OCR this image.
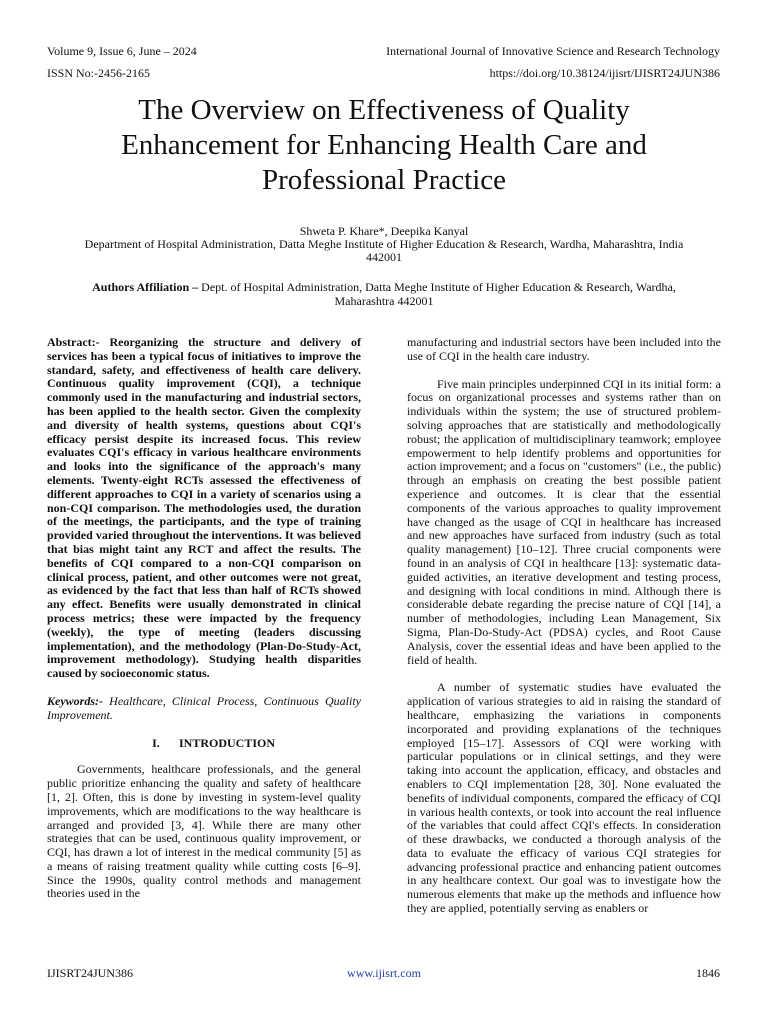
Volume 9, Issue 6, June – 2024
ISSN No:-2456-2165
International Journal of Innovative Science and Research Technology
https://doi.org/10.38124/ijisrt/IJISRT24JUN386
The Overview on Effectiveness of Quality Enhancement for Enhancing Health Care and Professional Practice
Shweta P. Khare*, Deepika Kanyal
Department of Hospital Administration, Datta Meghe Institute of Higher Education & Research, Wardha, Maharashtra, India
442001
Authors Affiliation – Dept. of Hospital Administration, Datta Meghe Institute of Higher Education & Research, Wardha,
Maharashtra 442001

Abstract:- Reorganizing the structure and delivery of services has been a typical focus of initiatives to improve the standard, safety, and effectiveness of health care delivery. Continuous quality improvement (CQI), a technique commonly used in the manufacturing and industrial sectors, has been applied to the health sector. Given the complexity and diversity of health systems, questions about CQI's efficacy persist despite its increased focus. This review evaluates CQI's efficacy in various healthcare environments and looks into the significance of the approach's many elements. Twenty-eight RCTs assessed the effectiveness of different approaches to CQI in a variety of scenarios using a non-CQI comparison. The methodologies used, the duration of the meetings, the participants, and the type of training provided varied throughout the interventions. It was believed that bias might taint any RCT and affect the results. The benefits of CQI compared to a non-CQI comparison on clinical process, patient, and other outcomes were not great, as evidenced by the fact that less than half of RCTs showed any effect. Benefits were usually demonstrated in clinical process metrics; these were impacted by the frequency (weekly), the type of meeting (leaders discussing implementation), and the methodology (Plan-Do-Study-Act, improvement methodology). Studying health disparities caused by socioeconomic status.

Keywords:- Healthcare, Clinical Process, Continuous Quality Improvement.

I. INTRODUCTION

Governments, healthcare professionals, and the general public prioritize enhancing the quality and safety of healthcare [1, 2]. Often, this is done by investing in system-level quality improvements, which are modifications to the way healthcare is arranged and provided [3, 4]. While there are many other strategies that can be used, continuous quality improvement, or CQI, has drawn a lot of interest in the medical community [5] as a means of raising treatment quality while cutting costs [6–9]. Since the 1990s, quality control methods and management theories used in the

manufacturing and industrial sectors have been included into the use of CQI in the health care industry.

Five main principles underpinned CQI in its initial form: a focus on organizational processes and systems rather than on individuals within the system; the use of structured problem-solving approaches that are statistically and methodologically robust; the application of multidisciplinary teamwork; employee empowerment to help identify problems and opportunities for action improvement; and a focus on "customers" (i.e., the public) through an emphasis on creating the best possible patient experience and outcomes. It is clear that the essential components of the various approaches to quality improvement have changed as the usage of CQI in healthcare has increased and new approaches have surfaced from industry (such as total quality management) [10–12]. Three crucial components were found in an analysis of CQI in healthcare [13]: systematic data-guided activities, an iterative development and testing process, and designing with local conditions in mind. Although there is considerable debate regarding the precise nature of CQI [14], a number of methodologies, including Lean Management, Six Sigma, Plan-Do-Study-Act (PDSA) cycles, and Root Cause Analysis, cover the essential ideas and have been applied to the field of health.

A number of systematic studies have evaluated the application of various strategies to aid in raising the standard of healthcare, emphasizing the variations in components incorporated and providing explanations of the techniques employed [15–17]. Assessors of CQI were working with particular populations or in clinical settings, and they were taking into account the application, efficacy, and obstacles and enablers to CQI implementation [28, 30]. None evaluated the benefits of individual components, compared the efficacy of CQI in various health contexts, or took into account the real influence of the variables that could affect CQI's effects. In consideration of these drawbacks, we conducted a thorough analysis of the data to evaluate the efficacy of various CQI strategies for advancing professional practice and enhancing patient outcomes in any healthcare context. Our goal was to investigate how the numerous elements that make up the methods and influence how they are applied, potentially serving as enablers or

IJISRT24JUN386	www.ijisrt.com	1846
